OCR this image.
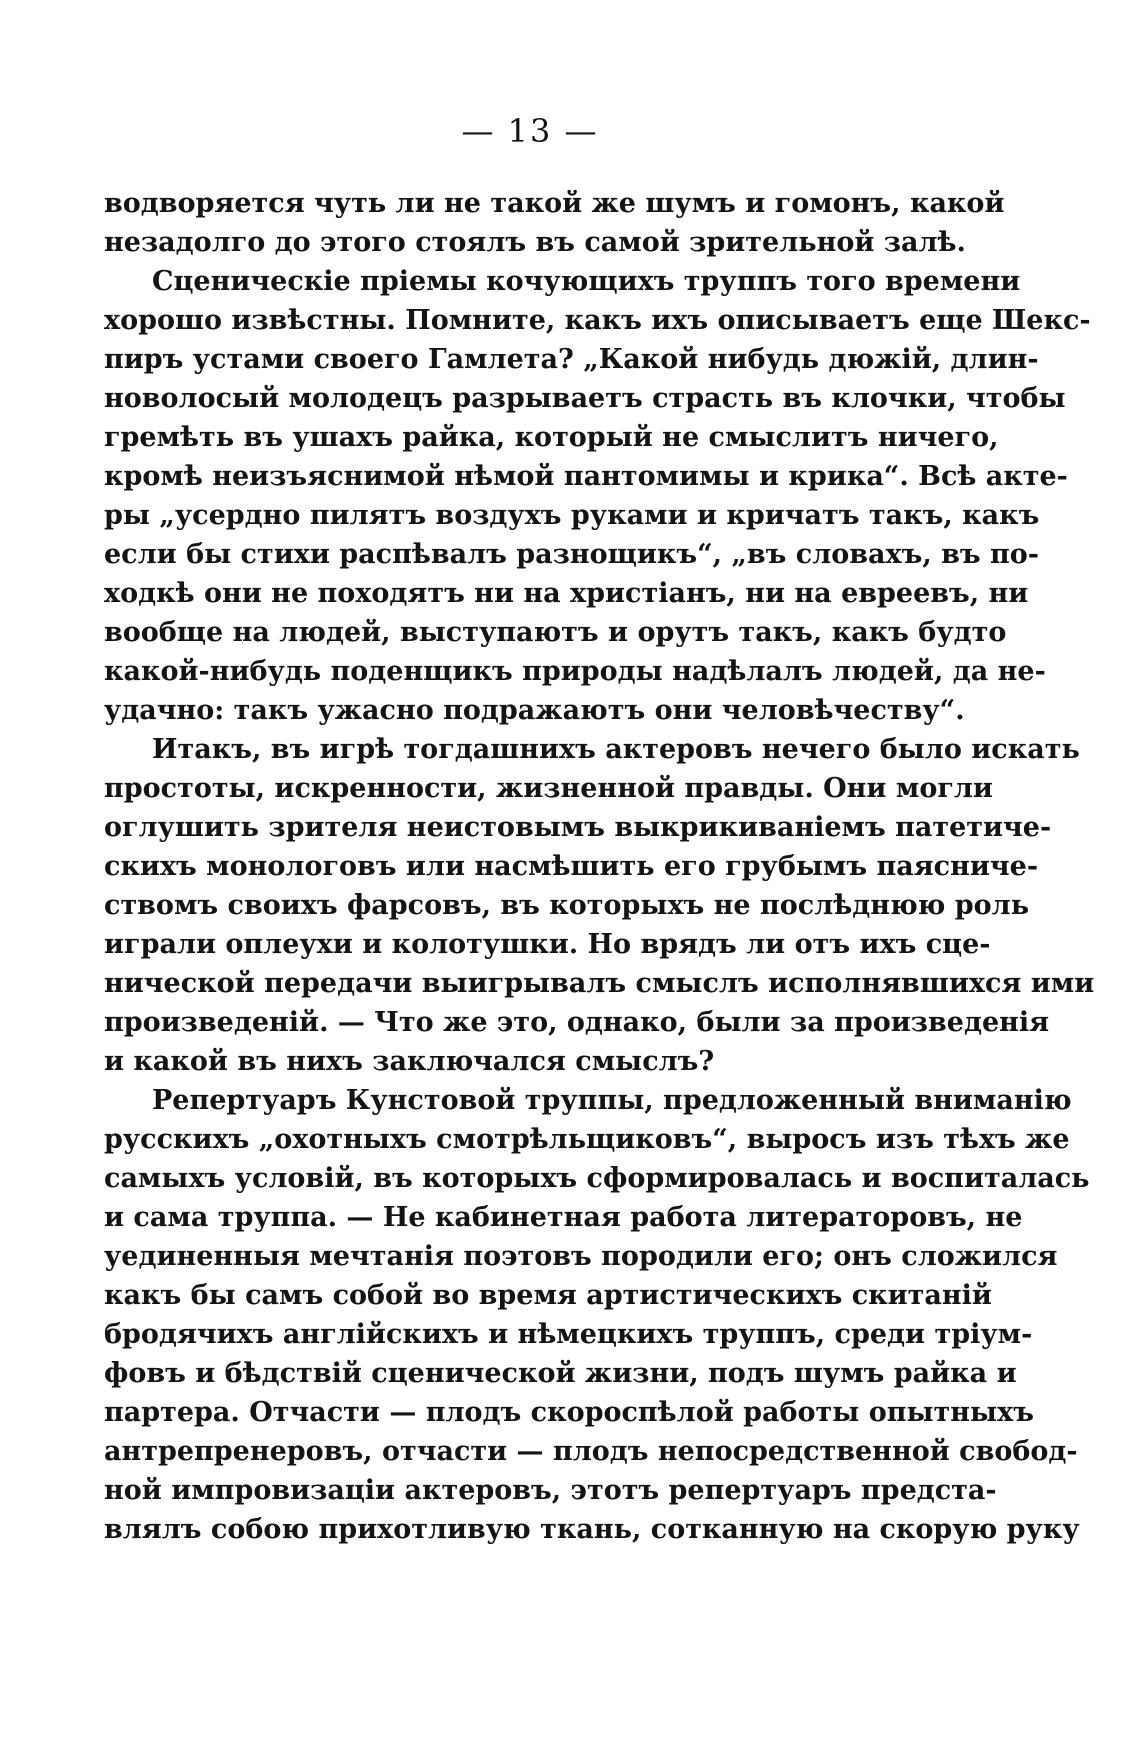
— 13 —
водворяется чуть ли не такой же шумъ и гомонъ, какой
незадолго до этого стоялъ въ самой зрительной залѣ.
Сценическіе пріемы кочующихъ труппъ того времени
хорошо извѣстны. Помните, какъ ихъ описываетъ еще Шекс-
пиръ устами своего Гамлета? „Какой нибудь дюжій, длин-
новолосый молодецъ разрываетъ страсть въ клочки, чтобы
гремѣть въ ушахъ райка, который не смыслитъ ничего,
кромѣ неизъяснимой нѣмой пантомимы и крика“. Всѣ акте-
ры „усердно пилятъ воздухъ руками и кричатъ такъ, какъ
если бы стихи распѣвалъ разнощикъ“, „въ словахъ, въ по-
ходкѣ они не походятъ ни на христіанъ, ни на евреевъ, ни
вообще на людей, выступаютъ и орутъ такъ, какъ будто
какой-нибудь поденщикъ природы надѣлалъ людей, да не-
удачно: такъ ужасно подражаютъ они человѣчеству“.
Итакъ, въ игрѣ тогдашнихъ актеровъ нечего было искать
простоты, искренности, жизненной правды. Они могли
оглушить зрителя неистовымъ выкрикиваніемъ патетиче-
скихъ монологовъ или насмѣшить его грубымъ паясниче-
ствомъ своихъ фарсовъ, въ которыхъ не послѣднюю роль
играли оплеухи и колотушки. Но врядъ ли отъ ихъ сце-
нической передачи выигрывалъ смыслъ исполнявшихся ими
произведеній. — Что же это, однако, были за произведенія
и какой въ нихъ заключался смыслъ?
Репертуаръ Кунстовой труппы, предложенный вниманію
русскихъ „охотныхъ смотрѣльщиковъ“, выросъ изъ тѣхъ же
самыхъ условій, въ которыхъ сформировалась и воспиталась
и сама труппа. — Не кабинетная работа литераторовъ, не
уединенныя мечтанія поэтовъ породили его; онъ сложился
какъ бы самъ собой во время артистическихъ скитаній
бродячихъ англійскихъ и нѣмецкихъ труппъ, среди тріум-
фовъ и бѣдствій сценической жизни, подъ шумъ райка и
партера. Отчасти — плодъ скороспѣлой работы опытныхъ
антрепренеровъ, отчасти — плодъ непосредственной свобод-
ной импровизаціи актеровъ, этотъ репертуаръ предста-
влялъ собою прихотливую ткань, сотканную на скорую руку
